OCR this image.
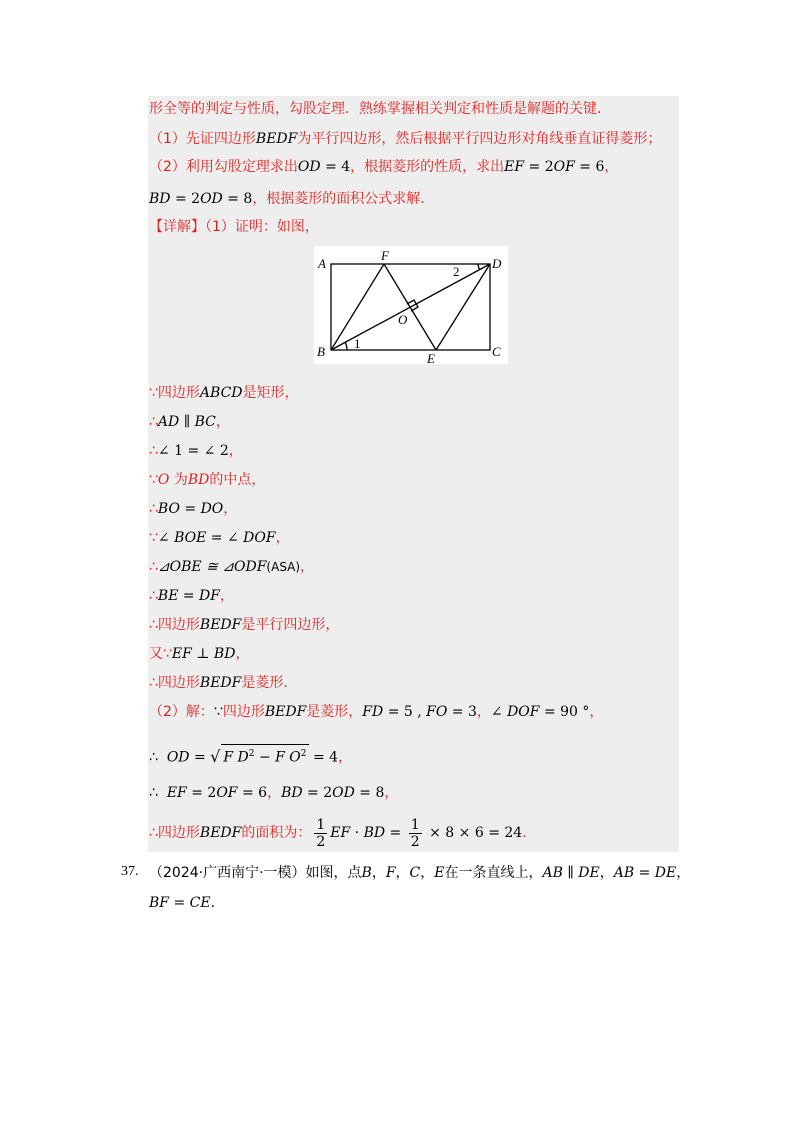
形全等的判定与性质，勾股定理．熟练掌握相关判定和性质是解题的关键.
（1）先证四边形BEDF为平行四边形，然后根据平行四边形对角线垂直证得菱形；
（2）利用勾股定理求出OD = 4，根据菱形的性质，求出EF = 2OF = 6，
BD = 2OD = 8，根据菱形的面积公式求解.
【详解】（1）证明：如图，
A
B	C
D
E
F
O
1
2
∵四边形ABCD是矩形，
∴AD ∥ BC，
∴∠ 1 = ∠ 2，
∵O 为BD的中点，
∴BO = DO，
∵∠ BOE = ∠ DOF，
∴⊿OBE ≅ ⊿ODF(ASA)，
∴BE = DF，
∴四边形BEDF是平行四边形，
又∵EF ⊥ BD，
∴四边形BEDF是菱形.
（2）解：∵四边形BEDF是菱形，FD = 5 , FO = 3，∠ DOF = 90 °，
∴ OD = √ F $D^2 - F$ $O^2 = 4$，
∴ EF = 2OF = 6，BD = 2OD = 8，
∴四边形BEDF的面积为： $\frac{1}{2}$ EF · BD = $\frac{1}{2} \times 8 \times 6 = 24$.
37. （2024·广西南宁·一模）如图，点B，F，C，E在一条直线上，AB ∥ DE，AB = DE，
BF = CE.
